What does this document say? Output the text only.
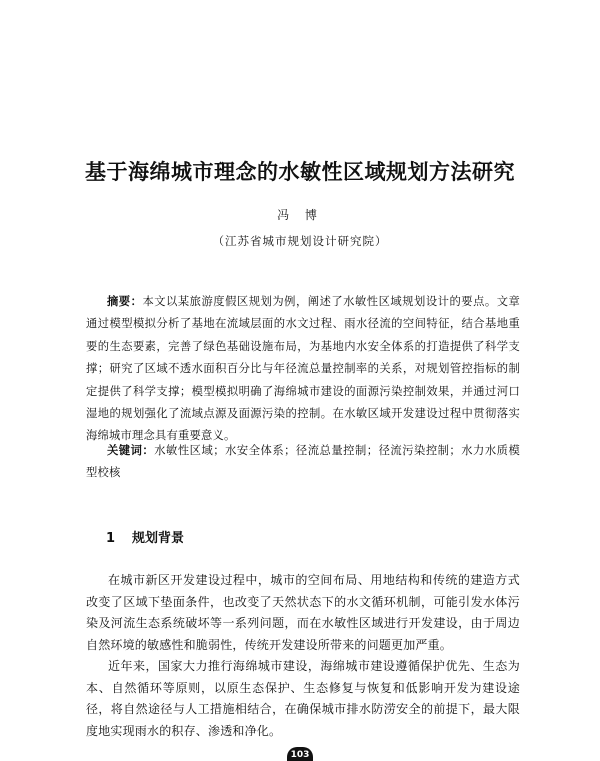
基于海绵城市理念的水敏性区域规划方法研究
冯 博
（江苏省城市规划设计研究院）

摘要：本文以某旅游度假区规划为例，阐述了水敏性区域规划设计的要点。文章通过模型模拟分析了基地在流域层面的水文过程、雨水径流的空间特征，结合基地重要的生态要素，完善了绿色基础设施布局，为基地内水安全体系的打造提供了科学支撑；研究了区域不透水面积百分比与年径流总量控制率的关系，对规划管控指标的制定提供了科学支撑；模型模拟明确了海绵城市建设的面源污染控制效果，并通过河口湿地的规划强化了流域点源及面源污染的控制。在水敏区域开发建设过程中贯彻落实海绵城市理念具有重要意义。

关键词：水敏性区域；水安全体系；径流总量控制；径流污染控制；水力水质模型校核

1 规划背景

在城市新区开发建设过程中，城市的空间布局、用地结构和传统的建造方式改变了区域下垫面条件，也改变了天然状态下的水文循环机制，可能引发水体污染及河流生态系统破坏等一系列问题，而在水敏性区域进行开发建设，由于周边自然环境的敏感性和脆弱性，传统开发建设所带来的问题更加严重。

近年来，国家大力推行海绵城市建设，海绵城市建设遵循保护优先、生态为本、自然循环等原则，以原生态保护、生态修复与恢复和低影响开发为建设途径，将自然途径与人工措施相结合，在确保城市排水防涝安全的前提下，最大限度地实现雨水的积存、渗透和净化。

103
